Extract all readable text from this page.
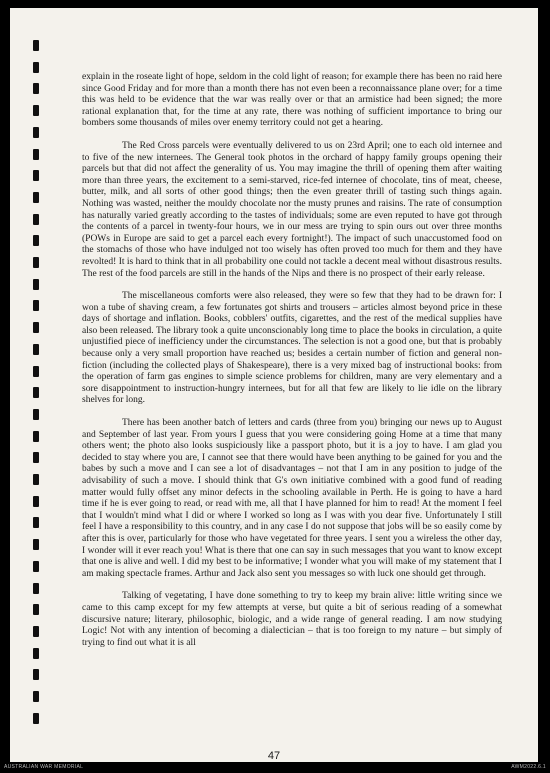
explain in the roseate light of hope, seldom in the cold light of reason; for example there has been no raid here since Good Friday and for more than a month there has not even been a reconnaissance plane over; for a time this was held to be evidence that the war was really over or that an armistice had been signed; the more rational explanation that, for the time at any rate, there was nothing of sufficient importance to bring our bombers some thousands of miles over enemy territory could not get a hearing.

The Red Cross parcels were eventually delivered to us on 23rd April; one to each old internee and to five of the new internees. The General took photos in the orchard of happy family groups opening their parcels but that did not affect the generality of us. You may imagine the thrill of opening them after waiting more than three years, the excitement to a semi-starved, rice-fed internee of chocolate, tins of meat, cheese, butter, milk, and all sorts of other good things; then the even greater thrill of tasting such things again. Nothing was wasted, neither the mouldy chocolate nor the musty prunes and raisins. The rate of consumption has naturally varied greatly according to the tastes of individuals; some are even reputed to have got through the contents of a parcel in twenty-four hours, we in our mess are trying to spin ours out over three months (POWs in Europe are said to get a parcel each every fortnight!). The impact of such unaccustomed food on the stomachs of those who have indulged not too wisely has often proved too much for them and they have revolted! It is hard to think that in all probability one could not tackle a decent meal without disastrous results. The rest of the food parcels are still in the hands of the Nips and there is no prospect of their early release.

The miscellaneous comforts were also released, they were so few that they had to be drawn for: I won a tube of shaving cream, a few fortunates got shirts and trousers – articles almost beyond price in these days of shortage and inflation. Books, cobblers' outfits, cigarettes, and the rest of the medical supplies have also been released. The library took a quite unconscionably long time to place the books in circulation, a quite unjustified piece of inefficiency under the circumstances. The selection is not a good one, but that is probably because only a very small proportion have reached us; besides a certain number of fiction and general non-fiction (including the collected plays of Shakespeare), there is a very mixed bag of instructional books: from the operation of farm gas engines to simple science problems for children, many are very elementary and a sore disappointment to instruction-hungry internees, but for all that few are likely to lie idle on the library shelves for long.

There has been another batch of letters and cards (three from you) bringing our news up to August and September of last year. From yours I guess that you were considering going Home at a time that many others went; the photo also looks suspiciously like a passport photo, but it is a joy to have. I am glad you decided to stay where you are, I cannot see that there would have been anything to be gained for you and the babes by such a move and I can see a lot of disadvantages – not that I am in any position to judge of the advisability of such a move. I should think that G's own initiative combined with a good fund of reading matter would fully offset any minor defects in the schooling available in Perth. He is going to have a hard time if he is ever going to read, or read with me, all that I have planned for him to read! At the moment I feel that I wouldn't mind what I did or where I worked so long as I was with you dear five. Unfortunately I still feel I have a responsibility to this country, and in any case I do not suppose that jobs will be so easily come by after this is over, particularly for those who have vegetated for three years. I sent you a wireless the other day, I wonder will it ever reach you! What is there that one can say in such messages that you want to know except that one is alive and well. I did my best to be informative; I wonder what you will make of my statement that I am making spectacle frames. Arthur and Jack also sent you messages so with luck one should get through.

Talking of vegetating, I have done something to try to keep my brain alive: little writing since we came to this camp except for my few attempts at verse, but quite a bit of serious reading of a somewhat discursive nature; literary, philosophic, biologic, and a wide range of general reading. I am now studying Logic! Not with any intention of becoming a dialectician – that is too foreign to my nature – but simply of trying to find out what it is all

47
AUSTRALIAN WAR MEMORIAL	AWM2022.6.1
